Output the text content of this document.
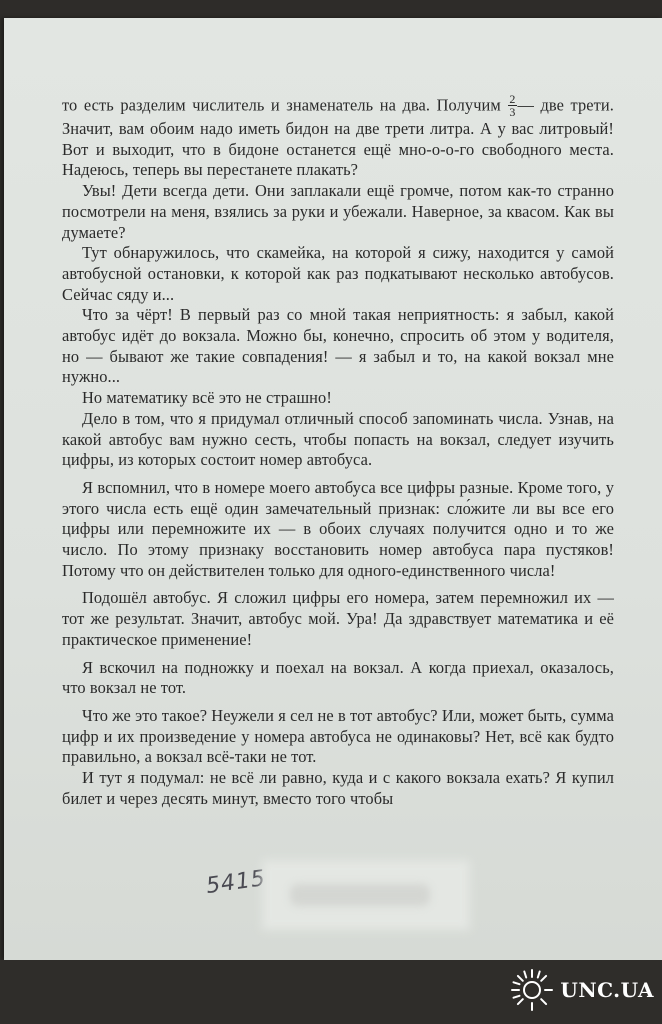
то есть разделим числитель и знаменатель на два. Получим $\frac{2}{3}$ — две трети. Значит, вам обоим надо иметь бидон на две трети литра. А у вас литровый! Вот и выходит, что в бидоне останется ещё мно-о-о-го свободного места. Надеюсь, теперь вы перестанете плакать?

Увы! Дети всегда дети. Они заплакали ещё громче, потом как-то странно посмотрели на меня, взялись за руки и убежали. Наверное, за квасом. Как вы думаете?

Тут обнаружилось, что скамейка, на которой я сижу, находится у самой автобусной остановки, к которой как раз подкатывают несколько автобусов. Сейчас сяду и...

Что за чёрт! В первый раз со мной такая неприятность: я забыл, какой автобус идёт до вокзала. Можно бы, конечно, спросить об этом у водителя, но — бывают же такие совпадения! — я забыл и то, на какой вокзал мне нужно...

Но математику всё это не страшно!

Дело в том, что я придумал отличный способ запоминать числа. Узнав, на какой автобус вам нужно сесть, чтобы попасть на вокзал, следует изучить цифры, из которых состоит номер автобуса.

Я вспомнил, что в номере моего автобуса все цифры разные. Кроме того, у этого числа есть ещё один замечательный признак: сло́жите ли вы все его цифры или перемножите их — в обоих случаях получится одно и то же число. По этому признаку восстановить номер автобуса пара пустяков! Потому что он действителен только для одного-единственного числа!

Подошёл автобус. Я сложил цифры его номера, затем перемножил их — тот же результат. Значит, автобус мой. Ура! Да здравствует математика и её практическое применение!

Я вскочил на подножку и поехал на вокзал. А когда приехал, оказалось, что вокзал не тот.

Что же это такое? Неужели я сел не в тот автобус? Или, может быть, сумма цифр и их произведение у номера автобуса не одинаковы? Нет, всё как будто правильно, а вокзал всё-таки не тот.

И тут я подумал: не всё ли равно, куда и с какого вокзала ехать? Я купил билет и через десять минут, вместо того чтобы

5415
UNC.UA
